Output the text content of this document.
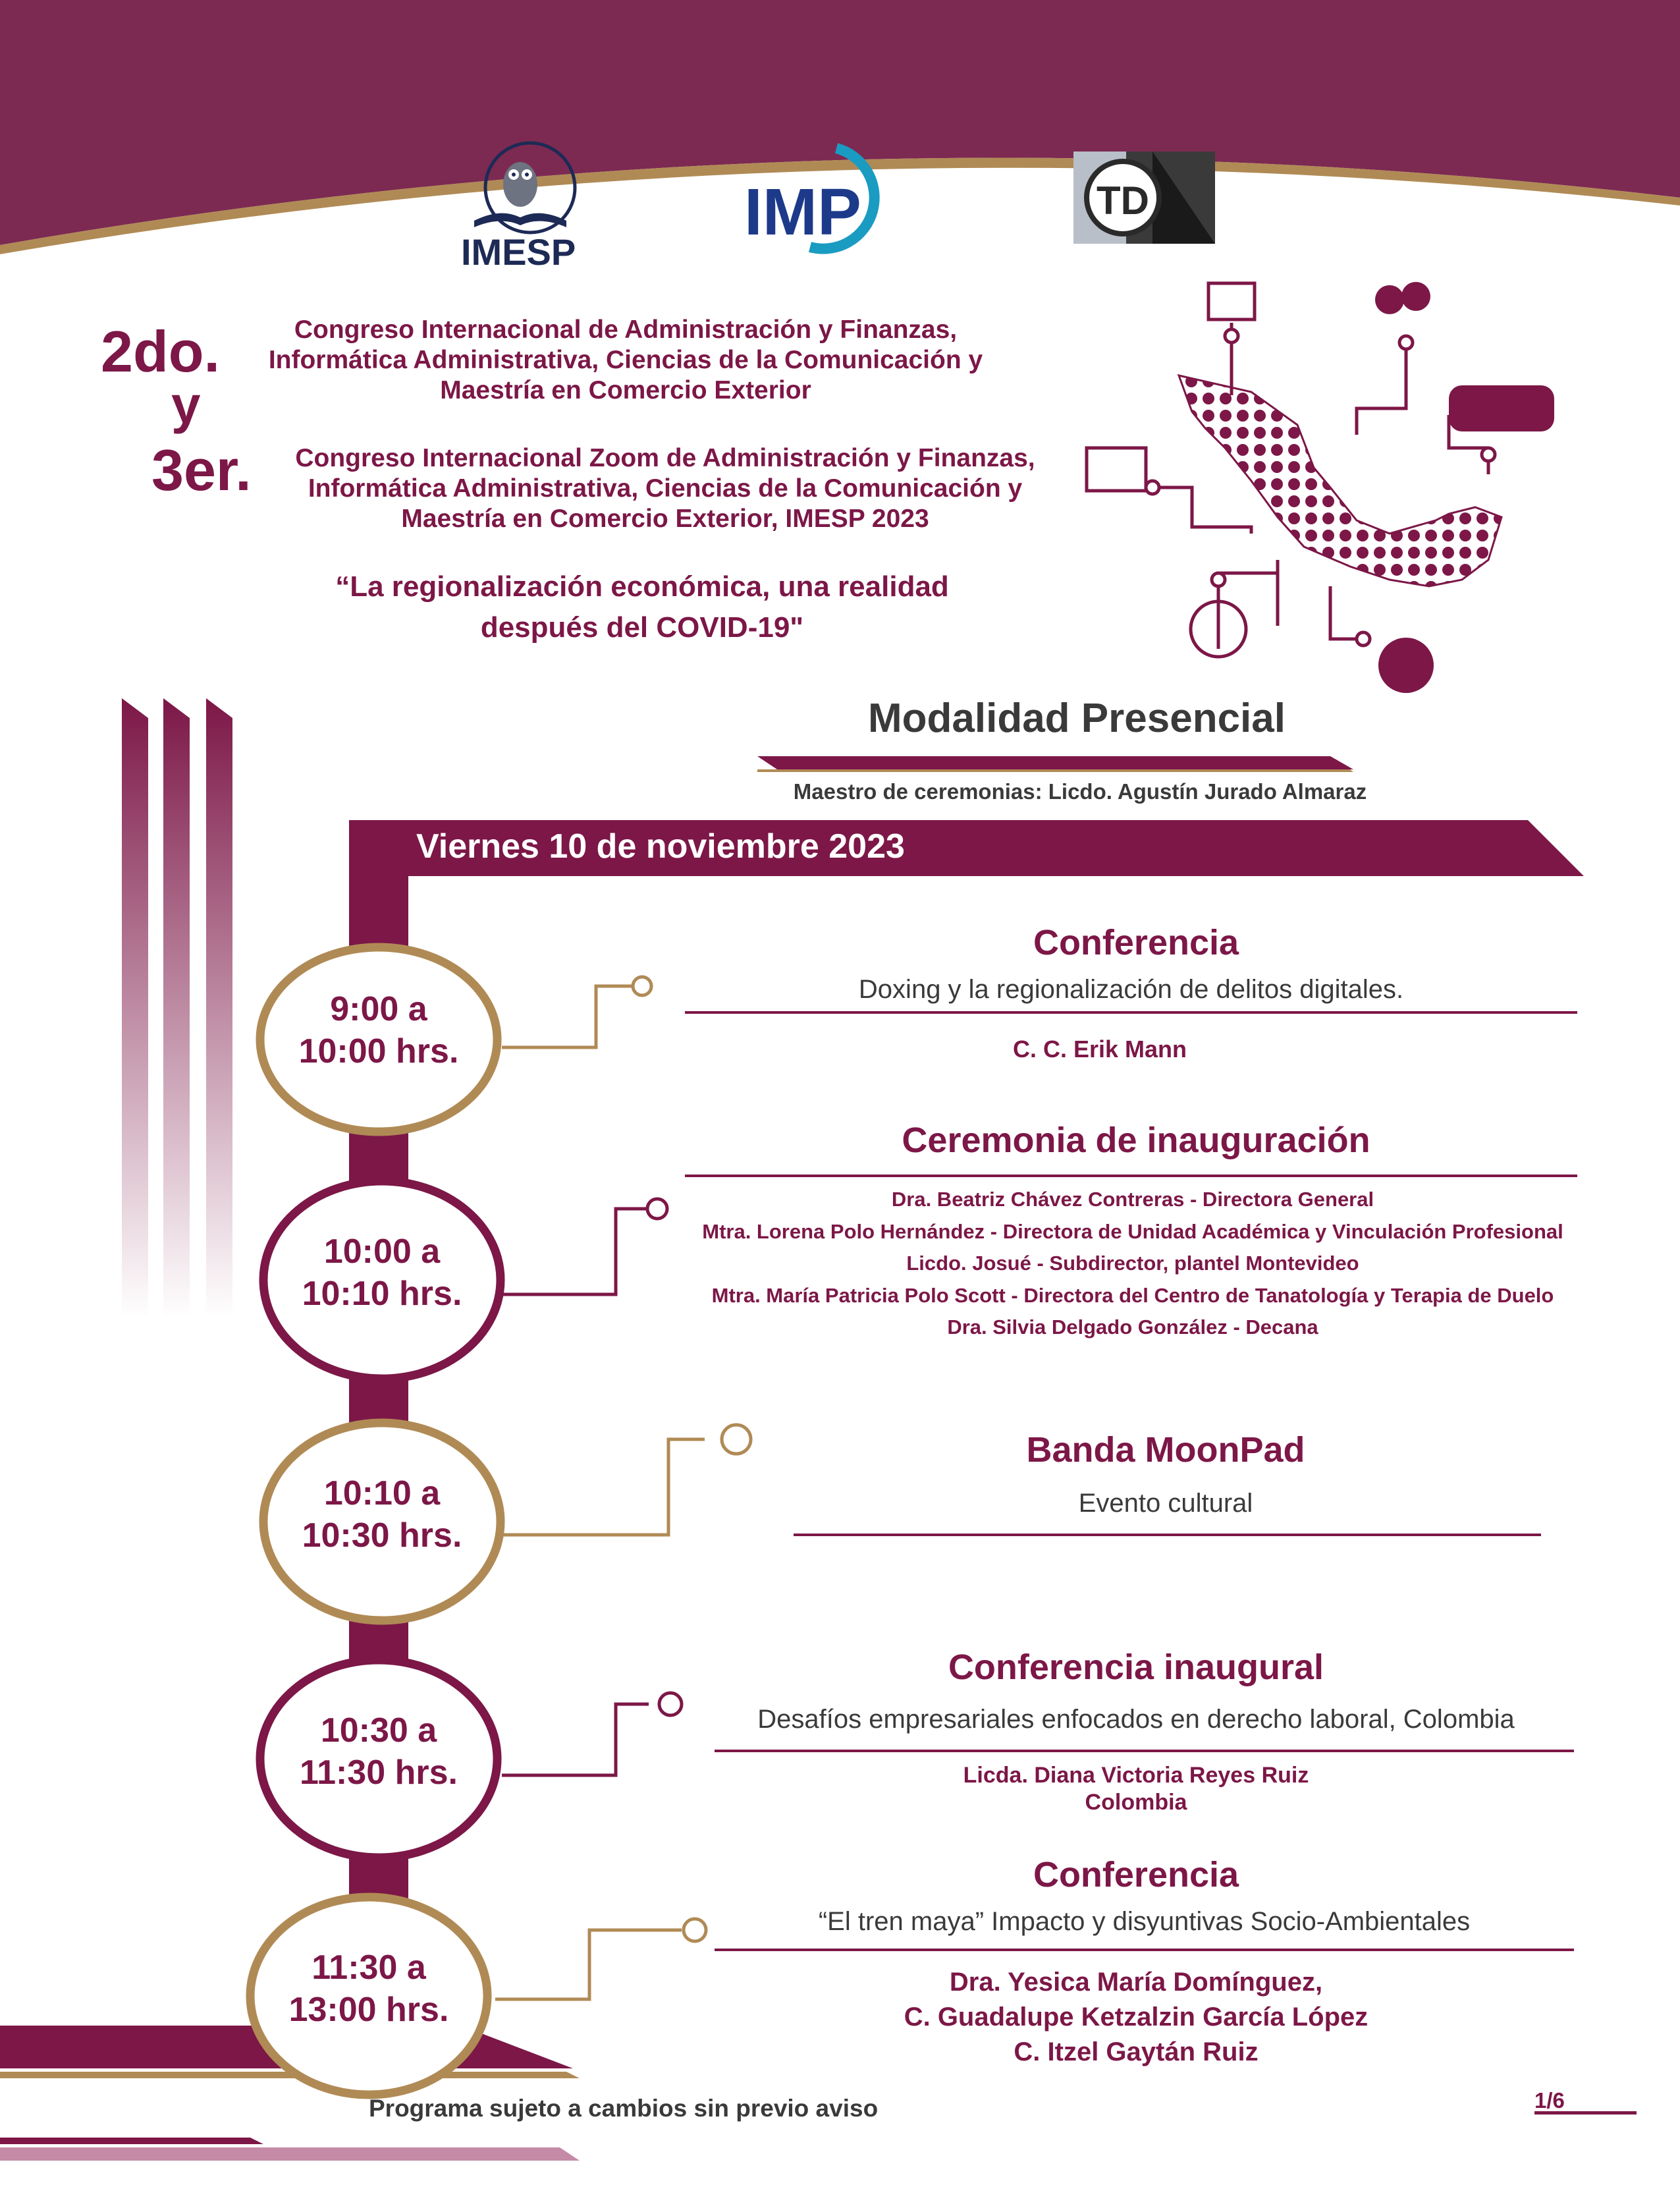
IMESP
IMP	TD
2do.
y
3er.
Congreso Internacional de Administración y Finanzas,
Informática Administrativa, Ciencias de la Comunicación y
Maestría en Comercio Exterior
Congreso Internacional Zoom de Administración y Finanzas,
Informática Administrativa, Ciencias de la Comunicación y
Maestría en Comercio Exterior, IMESP 2023
“La regionalización económica, una realidad
después del COVID-19"
Modalidad Presencial
Maestro de ceremonias: Licdo. Agustín Jurado Almaraz
Viernes 10 de noviembre 2023
9:00 a
10:00 hrs.
10:00 a
10:10 hrs.
10:10 a
10:30 hrs.
10:30 a
11:30 hrs.
11:30 a
13:00 hrs.
Conferencia
Doxing y la regionalización de delitos digitales.
C. C. Erik Mann
Ceremonia de inauguración
Dra. Beatriz Chávez Contreras - Directora General
Mtra. Lorena Polo Hernández - Directora de Unidad Académica y Vinculación Profesional
Licdo. Josué - Subdirector, plantel Montevideo
Mtra. María Patricia Polo Scott - Directora del Centro de Tanatología y Terapia de Duelo
Dra. Silvia Delgado González - Decana
Banda MoonPad
Evento cultural
Conferencia inaugural
Desafíos empresariales enfocados en derecho laboral, Colombia
Licda. Diana Victoria Reyes Ruiz
Colombia
Conferencia
“El tren maya” Impacto y disyuntivas Socio-Ambientales
Dra. Yesica María Domínguez,
C. Guadalupe Ketzalzin García López
C. Itzel Gaytán Ruiz
Programa sujeto a cambios sin previo aviso	1/6
